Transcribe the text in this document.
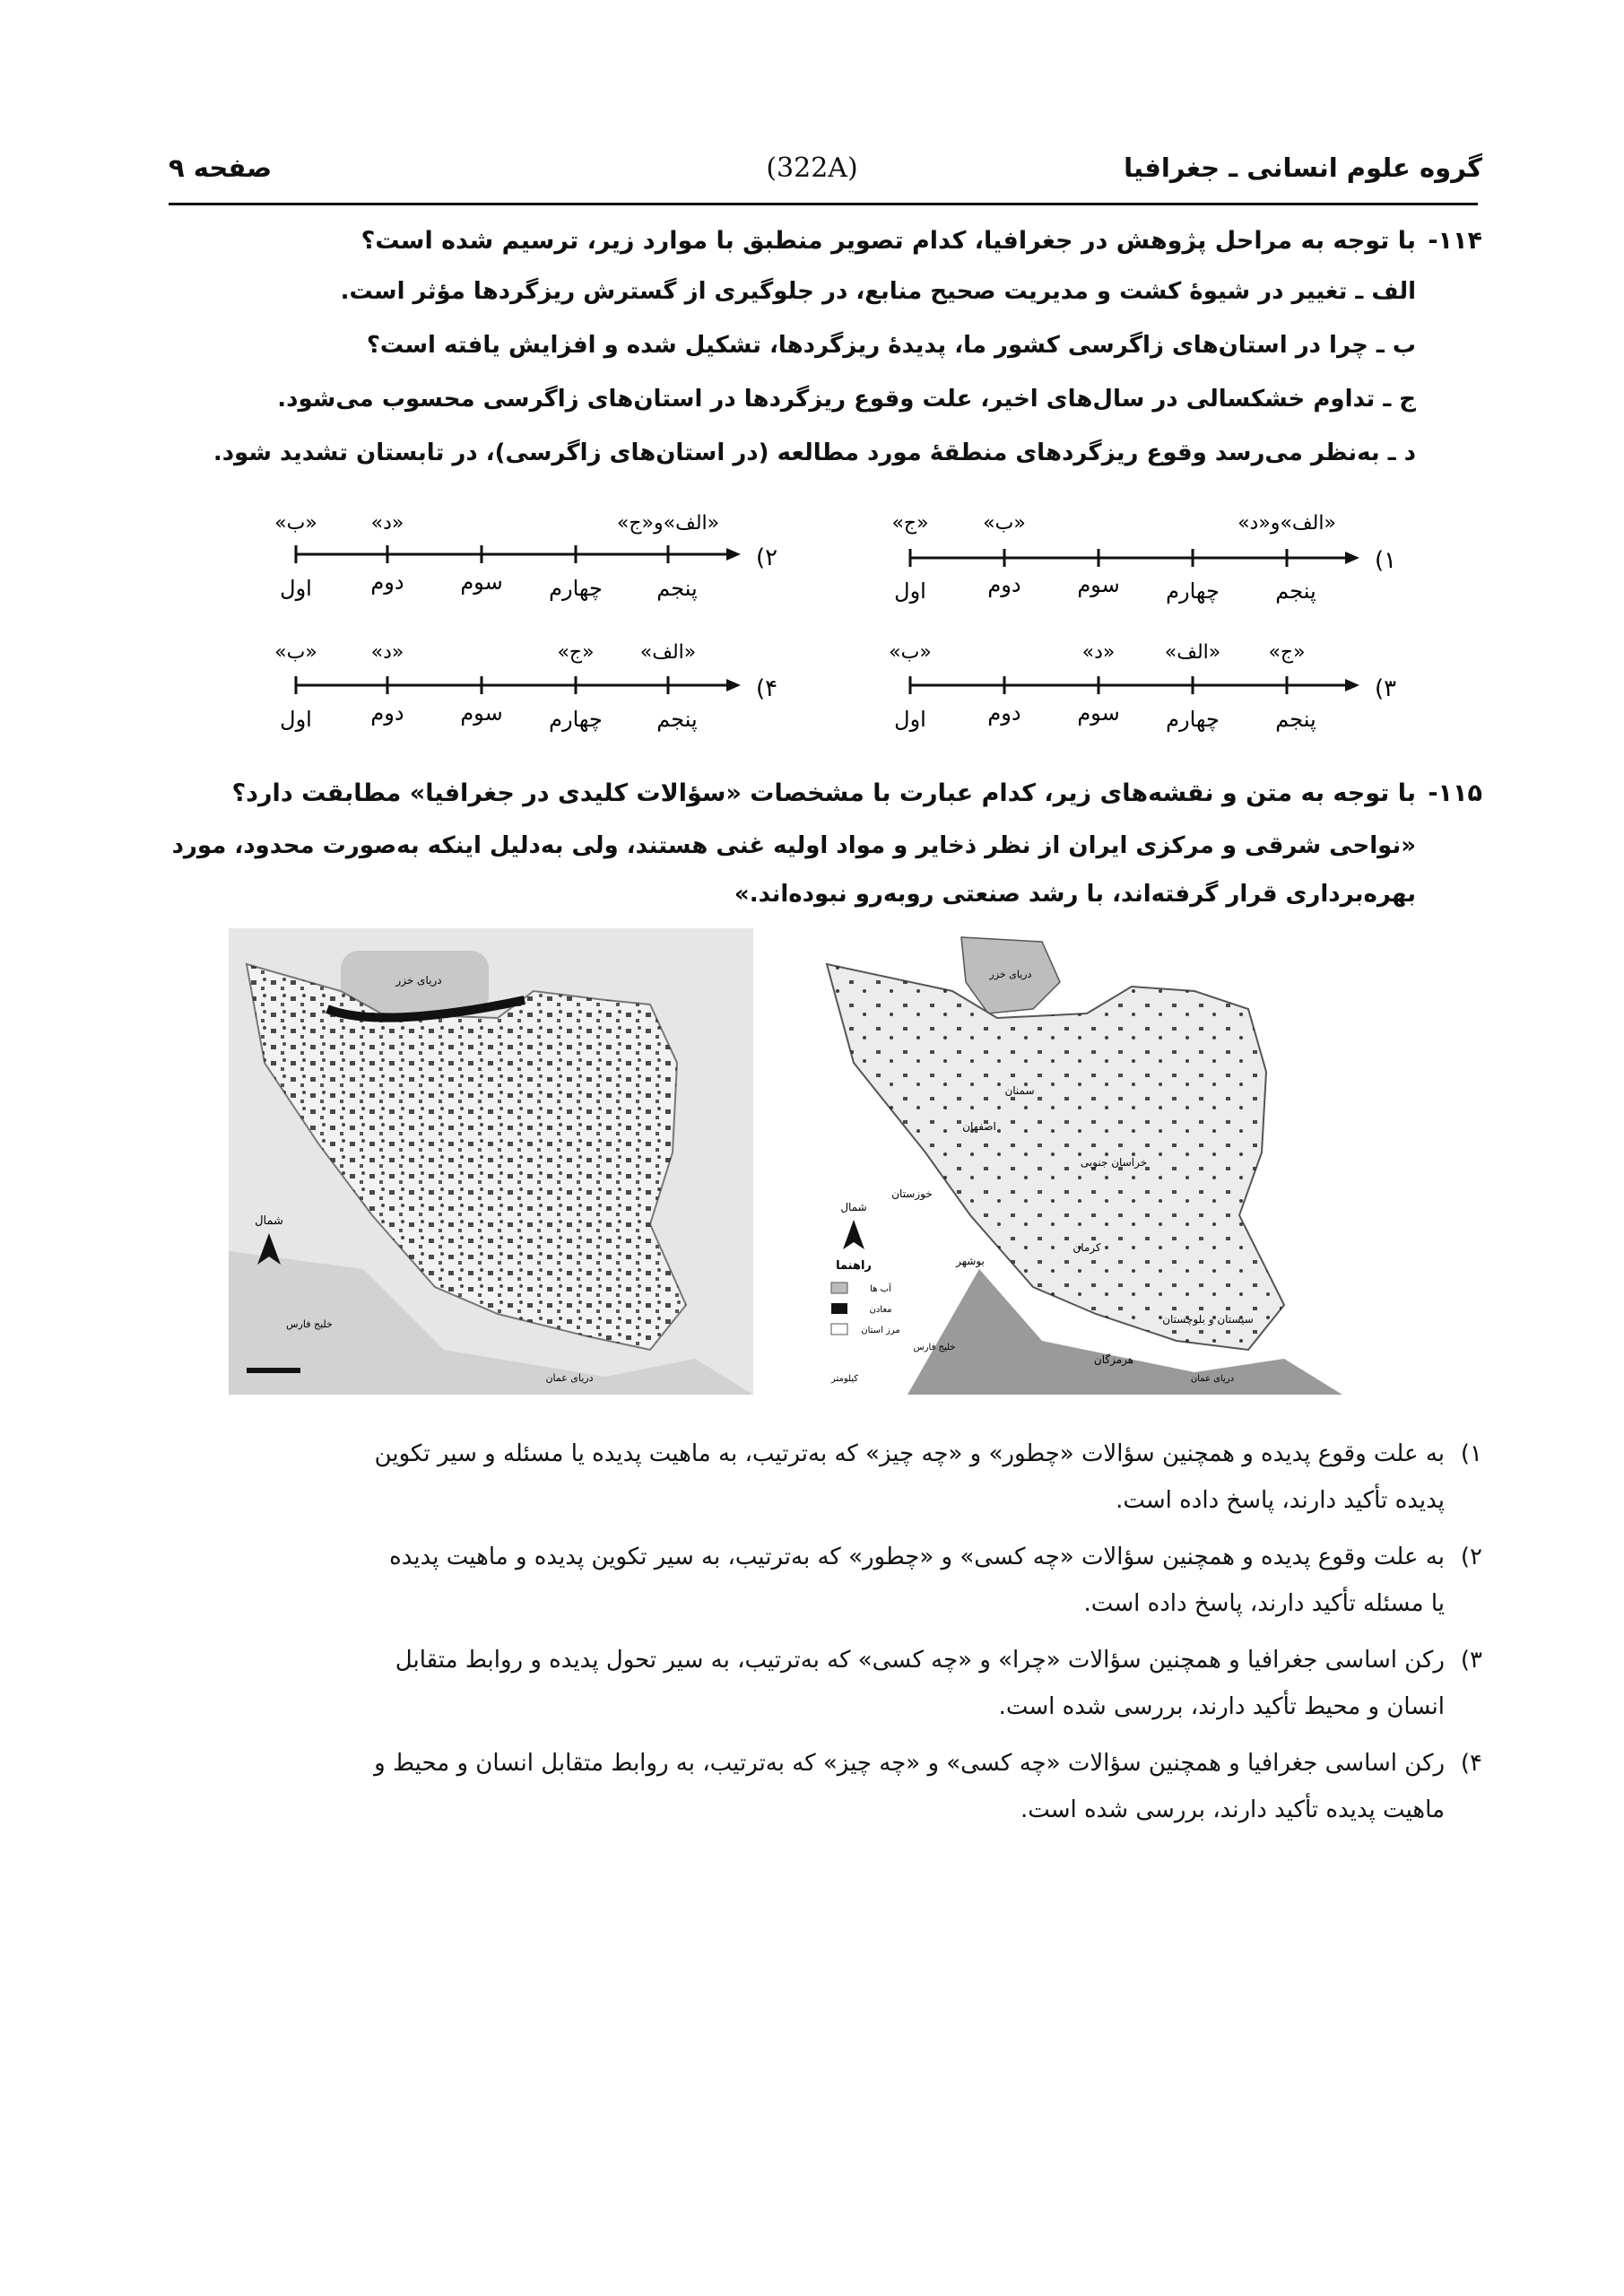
گروه علوم انسانی ـ جغرافیا
(322A)
صفحه ۹
۱۱۴-
با توجه به مراحل پژوهش در جغرافیا، کدام تصویر منطبق با موارد زیر، ترسیم شده است؟
الف ـ تغییر در شیوهٔ کشت و مدیریت صحیح منابع، در جلوگیری از گسترش ریزگردها مؤثر است.
ب ـ چرا در استان‌های زاگرسی کشور ما، پدیدهٔ ریزگردها، تشکیل شده و افزایش یافته است؟
ج ـ تداوم خشکسالی در سال‌های اخیر، علت وقوع ریزگردها در استان‌های زاگرسی محسوب می‌شود.
د ـ به‌نظر می‌رسد وقوع ریزگردهای منطقهٔ مورد مطالعه (در استان‌های زاگرسی)، در تابستان تشدید شود.
۱)
«ج»	«ب»	«الف»و«د»
اول	دوم	سوم چهارم	پنجم
۲)
«ب»	«د»	«الف»و«ج»
اول	دوم	سوم چهارم	پنجم
۳)
«ب»	«د»	«الف» «ج»
اول	دوم	سوم چهارم	پنجم
۴)
«ب»	«د»	«ج» «الف»
اول	دوم	سوم چهارم	پنجم
۱۱۵-
با توجه به متن و نقشه‌های زیر، کدام عبارت با مشخصات «سؤالات کلیدی در جغرافیا» مطابقت دارد؟
«نواحی شرقی و مرکزی ایران از نظر ذخایر و مواد اولیه غنی هستند، ولی به‌دلیل اینکه به‌صورت محدود، مورد
بهره‌برداری قرار گرفته‌اند، با رشد صنعتی روبه‌رو نبوده‌اند.»
دریای خزر
شمال
خلیج فارس
دریای عمان
دریای خزر
سمنان
اصفهان
خراسان جنوبی
خوزستان
کرمان
بوشهر
سیستان و بلوچستان
هرمزگان
شمال
راهنما
آب ها
معادن
مرز استان
خلیج فارس
دریای عمان
کیلومتر
۱)به علت وقوع پدیده و همچنین سؤالات «چطور» و «چه چیز» که به‌ترتیب، به ماهیت پدیده یا مسئله و سیر تکوین
پدیده تأکید دارند، پاسخ داده است.
۲)به علت وقوع پدیده و همچنین سؤالات «چه کسی» و «چطور» که به‌ترتیب، به سیر تکوین پدیده و ماهیت پدیده
یا مسئله تأکید دارند، پاسخ داده است.
۳)رکن اساسی جغرافیا و همچنین سؤالات «چرا» و «چه کسی» که به‌ترتیب، به سیر تحول پدیده و روابط متقابل
انسان و محیط تأکید دارند، بررسی شده است.
۴)رکن اساسی جغرافیا و همچنین سؤالات «چه کسی» و «چه چیز» که به‌ترتیب، به روابط متقابل انسان و محیط و
ماهیت پدیده تأکید دارند، بررسی شده است.
